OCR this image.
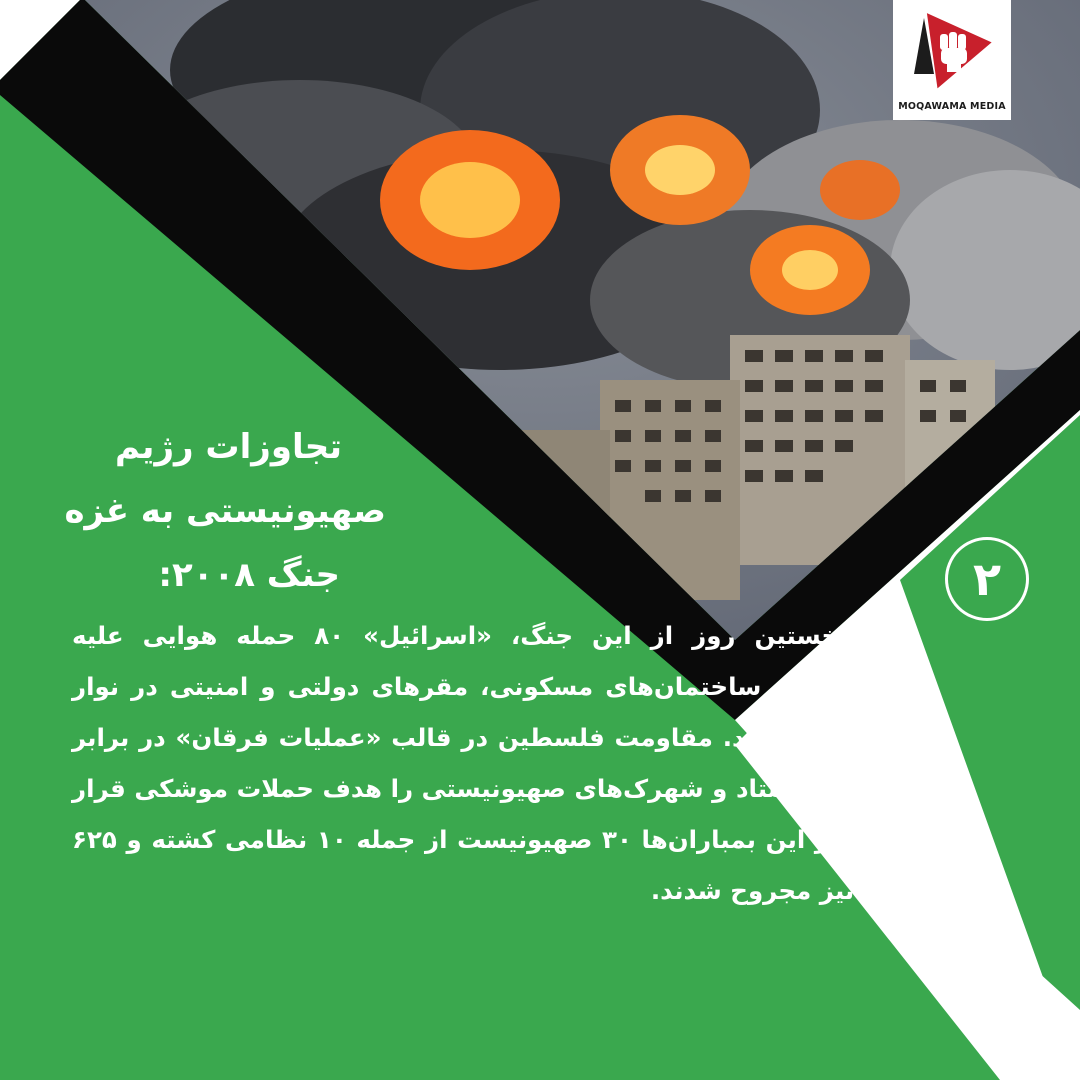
MOQAWAMA MEDIA
تجاوزات رژیم
صهیونیستی به غزه
جنگ ۲۰۰۸:	۲
در نخستین روز از این جنگ، «اسرائیل» ۸۰ حمله هوایی علیه تأسیسات، ساختمان‌های مسکونی، مقرهای دولتی و امنیتی در نوار غزه انجام داد. مقاومت فلسطین در قالب «عملیات فرقان» در برابر دشمن ایستاد و شهرک‌های صهیونیستی را هدف حملات موشکی قرار داد. در این بمباران‌ها ۳۰ صهیونیست از جمله ۱۰ نظامی کشته و ۶۲۵ تن نیز مجروح شدند.
